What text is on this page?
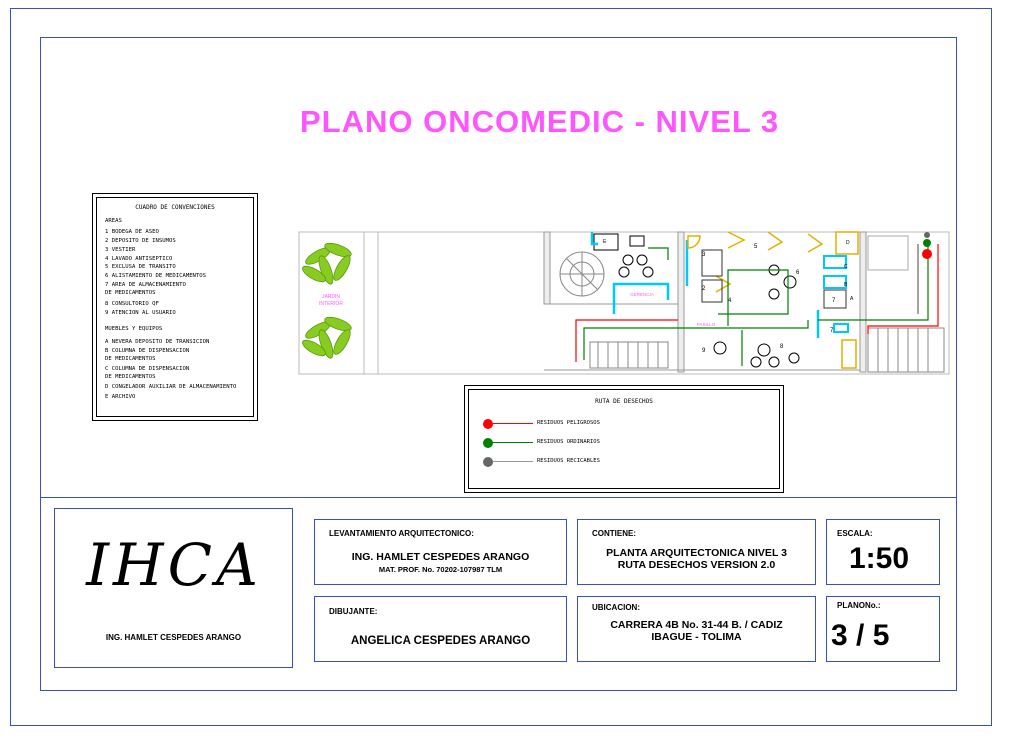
PLANO ONCOMEDIC - NIVEL 3
CUADRO DE CONVENCIONES
AREAS
1 BODEGA DE ASEO
2 DEPOSITO DE INSUMOS
3 VESTIER
4 LAVADO ANTISEPTICO
5 EXCLUSA DE TRANSITO
6 ALISTAMIENTO DE MEDICAMENTOS
7 AREA DE ALMACENAMIENTO
DE MEDICAMENTOS
8 CONSULTORIO QF
9 ATENCION AL USUARIO
MUEBLES Y EQUIPOS
A NEVERA DEPOSITO DE TRANSICION
B COLUMNA DE DISPENSACION
DE MEDICAMENTOS
C COLUMNA DE DISPENSACION
DE MEDICAMENTOS
D CONGELADOR AUXILIAR DE ALMACENAMIENTO
E ARCHIVO
JARDIN
INTERIOR
GERENCIA
PASILLO
3
5
2
6
7
7
9
8
4
D
C
B
A
E
RUTA DE DESECHOS
RESIDUOS PELIGROSOS
RESIDUOS ORDINARIOS
RESIDUOS RECICABLES
IHCA
ING. HAMLET CESPEDES ARANGO
LEVANTAMIENTO ARQUITECTONICO:
ING. HAMLET CESPEDES ARANGO
MAT. PROF. No. 70202-107987 TLM
DIBUJANTE:
ANGELICA CESPEDES ARANGO
CONTIENE:
PLANTA ARQUITECTONICA NIVEL 3
RUTA DESECHOS VERSION 2.0
UBICACION:
CARRERA 4B No. 31-44 B. / CADIZ
IBAGUE - TOLIMA
ESCALA:
1:50
PLANONo.:
3 / 5
